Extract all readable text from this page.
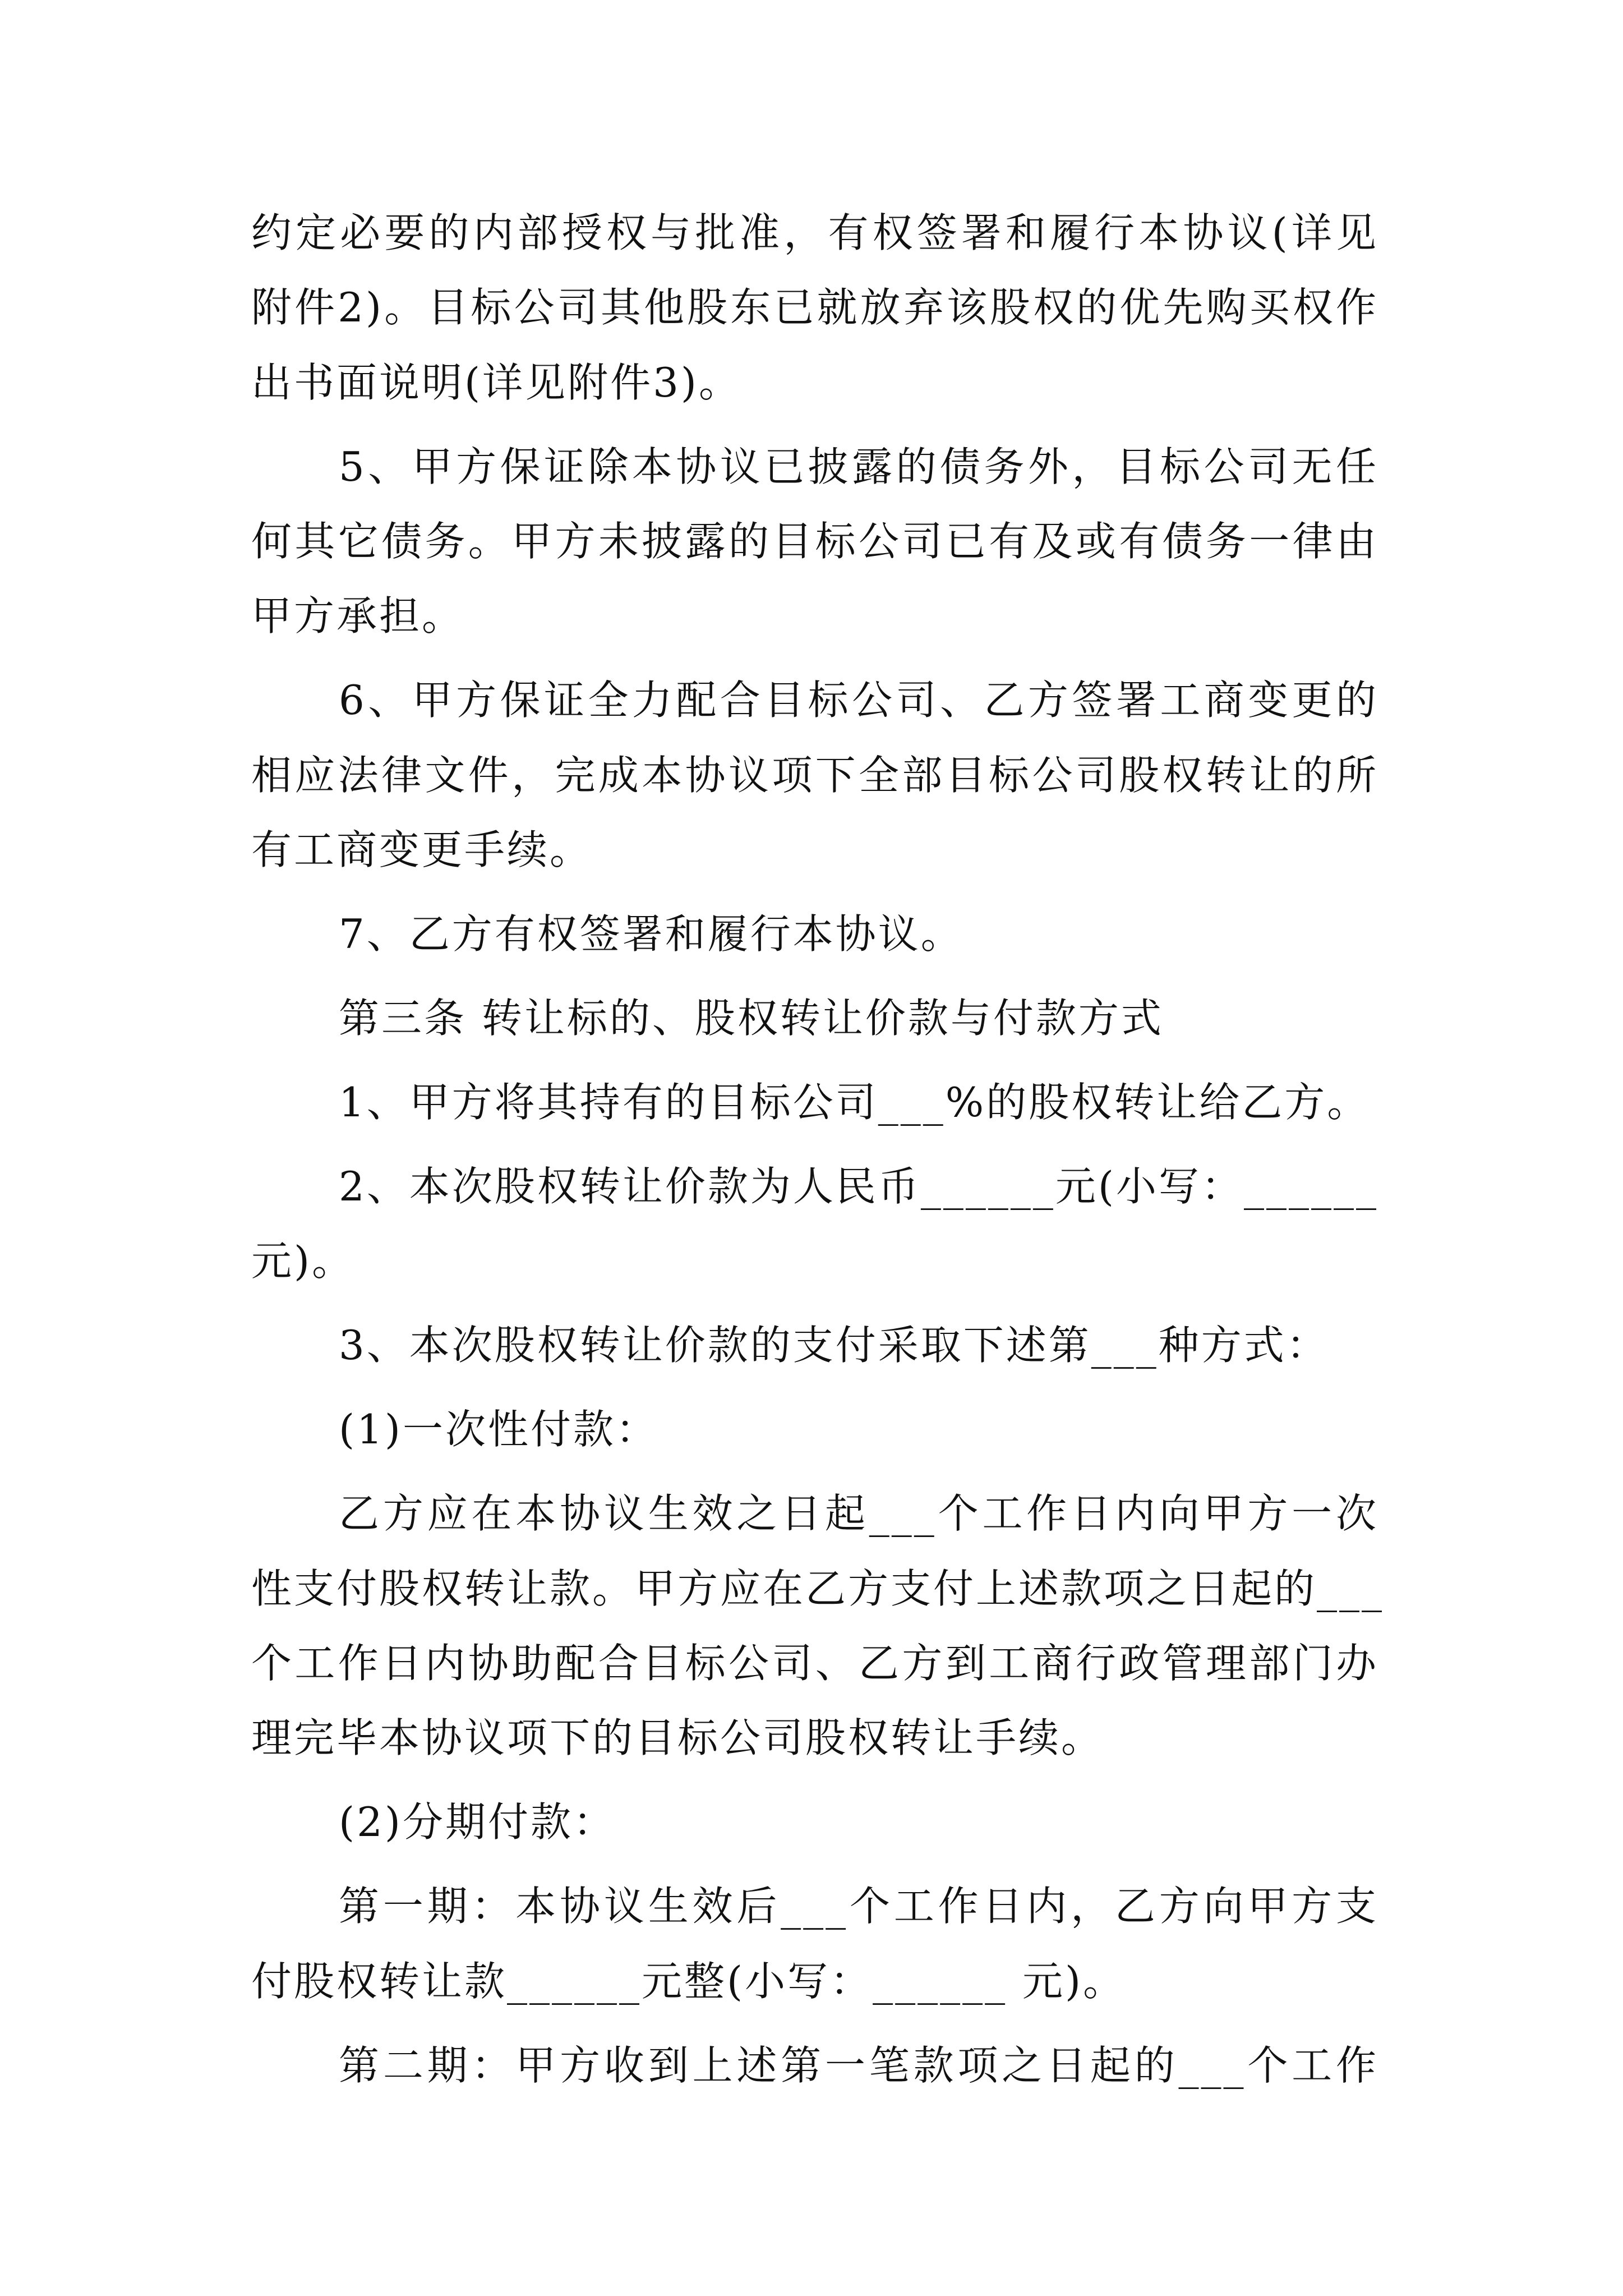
约定必要的内部授权与批准，有权签署和履行本协议(详见
附件2)。目标公司其他股东已就放弃该股权的优先购买权作
出书面说明(详见附件3)。
5、甲方保证除本协议已披露的债务外，目标公司无任
何其它债务。甲方未披露的目标公司已有及或有债务一律由
甲方承担。
6、甲方保证全力配合目标公司、乙方签署工商变更的
相应法律文件，完成本协议项下全部目标公司股权转让的所
有工商变更手续。
7、乙方有权签署和履行本协议。
第三条 转让标的、股权转让价款与付款方式
1、甲方将其持有的目标公司___%的股权转让给乙方。
2、本次股权转让价款为人民币______元(小写：______
元)。
3、本次股权转让价款的支付采取下述第___种方式：
(1)一次性付款：
乙方应在本协议生效之日起___个工作日内向甲方一次
性支付股权转让款。甲方应在乙方支付上述款项之日起的___
个工作日内协助配合目标公司、乙方到工商行政管理部门办
理完毕本协议项下的目标公司股权转让手续。
(2)分期付款：
第一期：本协议生效后___个工作日内，乙方向甲方支
付股权转让款______元整(小写：______ 元)。
第二期：甲方收到上述第一笔款项之日起的___个工作
